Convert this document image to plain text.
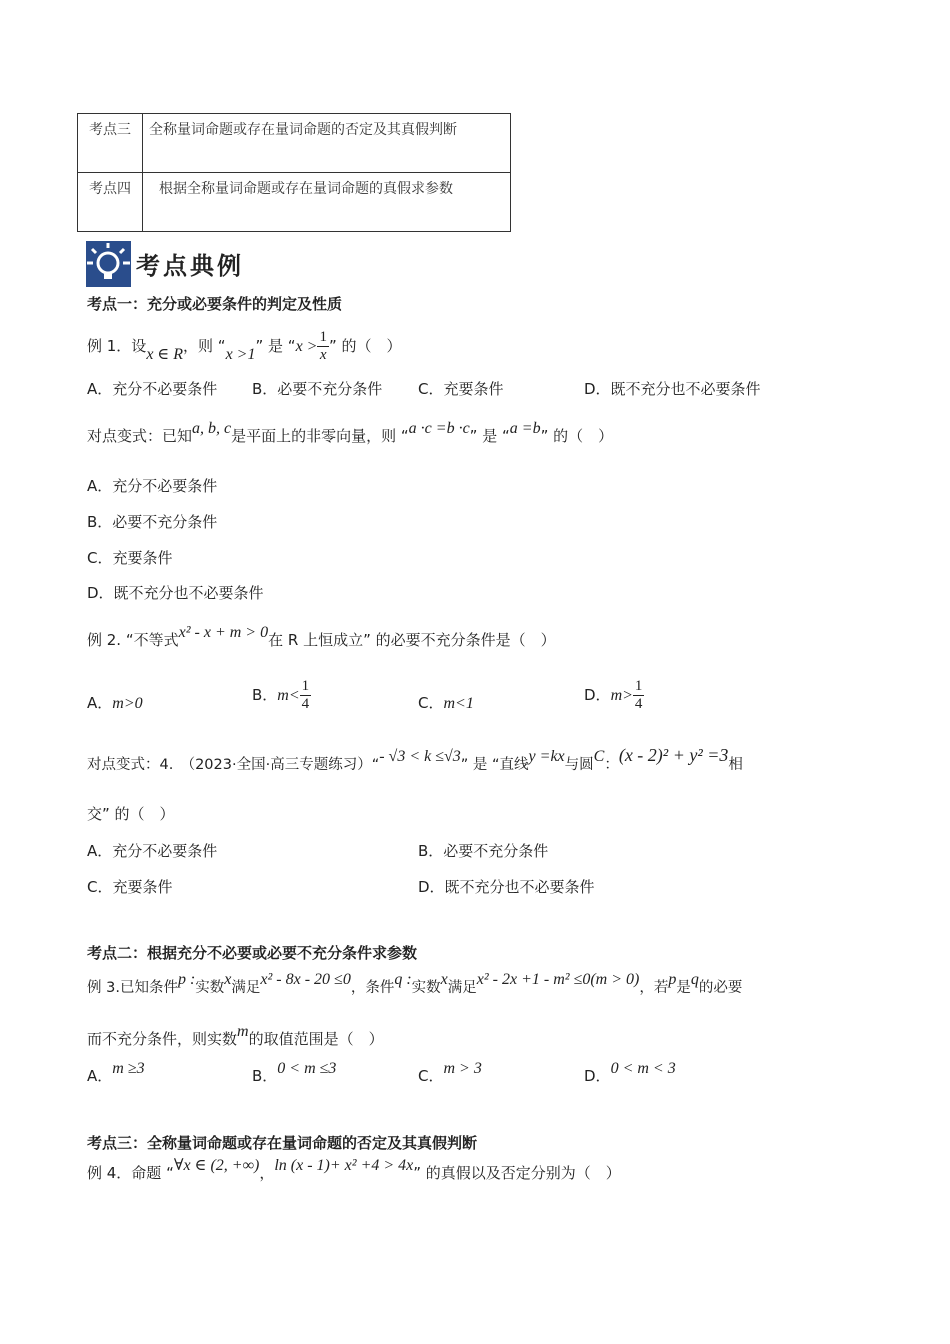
考点三	全称量词命题或存在量词命题的否定及其真假判断
考点四	根据全称量词命题或存在量词命题的真假求参数
考点典例
考点一：充分或必要条件的判定及性质
例 1．设x ∈ R，则 “x >1” 是 “$x > \frac{1}{x}$ ” 的（　）
A．充分不必要条件 B．必要不充分条件 C．充要条件	D．既不充分也不必要条件
对点变式：已知a, b, c是平面上的非零向量，则 “a ·c =b ·c” 是 “a =b” 的（　）
A．充分不必要条件
B．必要不充分条件
C．充要条件
D．既不充分也不必要条件
例 2. “不等式x² - x + m > 0在 R 上恒成立” 的必要不充分条件是（　）
A．m>0	B．$m< \frac{1}{4}$	C．m<1	D．$m> \frac{1}{4}$
对点变式：4.　（2023·全国·高三专题练习）“- √3 < k ≤√3” 是 “直线y =kx与圆C：(x - 2)² + y² =3相
交” 的（　）
A．充分不必要条件	B．必要不充分条件
C．充要条件	D．既不充分也不必要条件
考点二：根据充分不必要或必要不充分条件求参数
例 3.已知条件p :实数x满足x² - 8x - 20 ≤0，条件q :实数x满足x² - 2x +1 - m² ≤0(m > 0)，若p是q的必要
而不充分条件，则实数m的取值范围是（　）
A．m ≥3	B．0 < m ≤3	C．m > 3	D．0 < m < 3
考点三：全称量词命题或存在量词命题的否定及其真假判断
例 4．命题 “∀x ∈ (2, +∞)，ln (x - 1)+ x² +4 > 4x” 的真假以及否定分别为（　）
